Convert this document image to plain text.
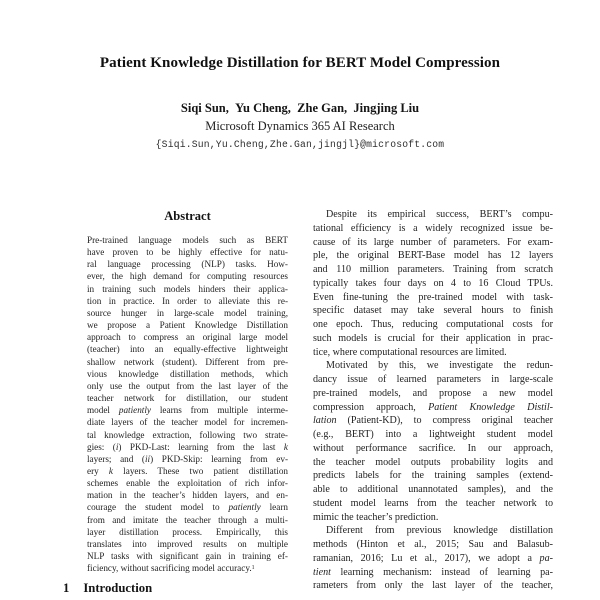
Patient Knowledge Distillation for BERT Model Compression
Siqi Sun, Yu Cheng, Zhe Gan, Jingjing Liu
Microsoft Dynamics 365 AI Research
{Siqi.Sun,Yu.Cheng,Zhe.Gan,jingjl}@microsoft.com
Abstract
Pre-trained language models such as BERT
have proven to be highly effective for natu-
ral language processing (NLP) tasks. How-
ever, the high demand for computing resources
in training such models hinders their applica-
tion in practice. In order to alleviate this re-
source hunger in large-scale model training,
we propose a Patient Knowledge Distillation
approach to compress an original large model
(teacher) into an equally-effective lightweight
shallow network (student). Different from pre-
vious knowledge distillation methods, which
only use the output from the last layer of the
teacher network for distillation, our student
model patiently learns from multiple interme-
diate layers of the teacher model for incremen-
tal knowledge extraction, following two strate-
gies: (i) PKD-Last: learning from the last k
layers; and (ii) PKD-Skip: learning from ev-
ery k layers. These two patient distillation
schemes enable the exploitation of rich infor-
mation in the teacher’s hidden layers, and en-
courage the student model to patiently learn
from and imitate the teacher through a multi-
layer distillation process. Empirically, this
translates into improved results on multiple
NLP tasks with significant gain in training ef-
ficiency, without sacrificing model accuracy.$^1$
1 Introduction
Despite its empirical success, BERT’s compu-
tational efficiency is a widely recognized issue be-
cause of its large number of parameters. For exam-
ple, the original BERT-Base model has 12 layers
and 110 million parameters. Training from scratch
typically takes four days on 4 to 16 Cloud TPUs.
Even fine-tuning the pre-trained model with task-
specific dataset may take several hours to finish
one epoch. Thus, reducing computational costs for
such models is crucial for their application in prac-
tice, where computational resources are limited.
Motivated by this, we investigate the redun-
dancy issue of learned parameters in large-scale
pre-trained models, and propose a new model
compression approach, Patient Knowledge Distil-
lation (Patient-KD), to compress original teacher
(e.g., BERT) into a lightweight student model
without performance sacrifice. In our approach,
the teacher model outputs probability logits and
predicts labels for the training samples (extend-
able to additional unannotated samples), and the
student model learns from the teacher network to
mimic the teacher’s prediction.
Different from previous knowledge distillation
methods (Hinton et al., 2015; Sau and Balasub-
ramanian, 2016; Lu et al., 2017), we adopt a pa-
tient learning mechanism: instead of learning pa-
rameters from only the last layer of the teacher,
